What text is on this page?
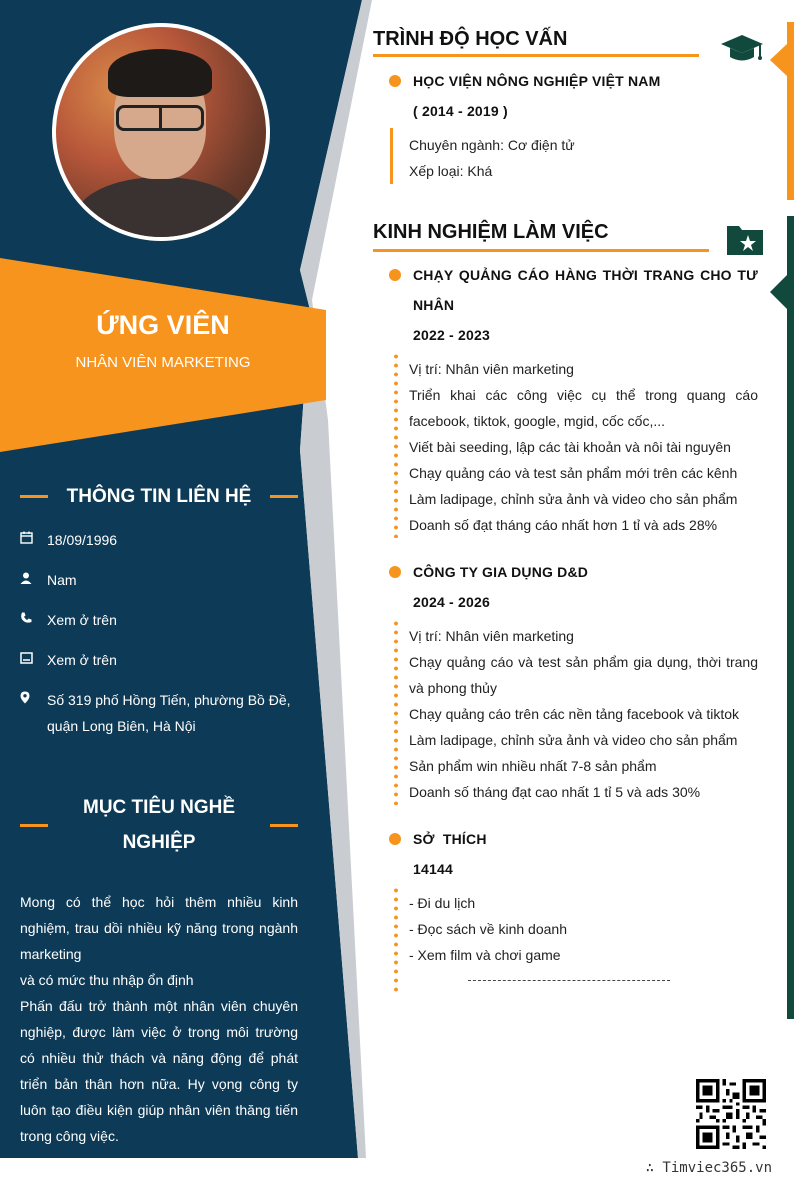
ỨNG VIÊN
NHÂN VIÊN MARKETING
THÔNG TIN LIÊN HỆ
18/09/1996
Nam
Xem ở trên
Xem ở trên
Số 319 phố Hồng Tiến, phường Bồ Đề, quận Long Biên, Hà Nội
MỤC TIÊU NGHỀ NGHIỆP

Mong có thể học hỏi thêm nhiều kinh nghiệm, trau dồi nhiều kỹ năng trong ngành marketing

và có mức thu nhập ổn định

Phấn đấu trở thành một nhân viên chuyên nghiệp, được làm việc ở trong môi trường có nhiều thử thách và năng động để phát triển bản thân hơn nữa. Hy vọng công ty luôn tạo điều kiện giúp nhân viên thăng tiến trong công việc.

TRÌNH ĐỘ HỌC VẤN
HỌC VIỆN NÔNG NGHIỆP VIỆT NAM
( 2014 - 2019 )

Chuyên ngành: Cơ điện tử

Xếp loại: Khá

KINH NGHIỆM LÀM VIỆC
CHẠY QUẢNG CÁO HÀNG THỜI TRANG CHO TƯ NHÂN
2022 - 2023

Vị trí: Nhân viên marketing

Triển khai các công việc cụ thể trong quang cáo facebook, tiktok, google, mgid, cốc cốc,...

Viết bài seeding, lập các tài khoản và nôi tài nguyên

Chạy quảng cáo và test sản phẩm mới trên các kênh

Làm ladipage, chỉnh sửa ảnh và video cho sản phẩm

Doanh số đạt tháng cáo nhất hơn 1 tỉ và ads 28%

CÔNG TY GIA DỤNG D&D
2024 - 2026

Vị trí: Nhân viên marketing

Chạy quảng cáo và test sản phẩm gia dụng, thời trang và phong thủy

Chạy quảng cáo trên các nền tảng facebook và tiktok

Làm ladipage, chỉnh sửa ảnh và video cho sản phẩm

Sản phẩm win nhiều nhất 7-8 sản phẩm

Doanh số tháng đạt cao nhất 1 tỉ 5 và ads 30%

SỞ  THÍCH
14144

- Đi du lịch

- Đọc sách về kinh doanh

- Xem film và chơi game

∴ Timviec365.vn
